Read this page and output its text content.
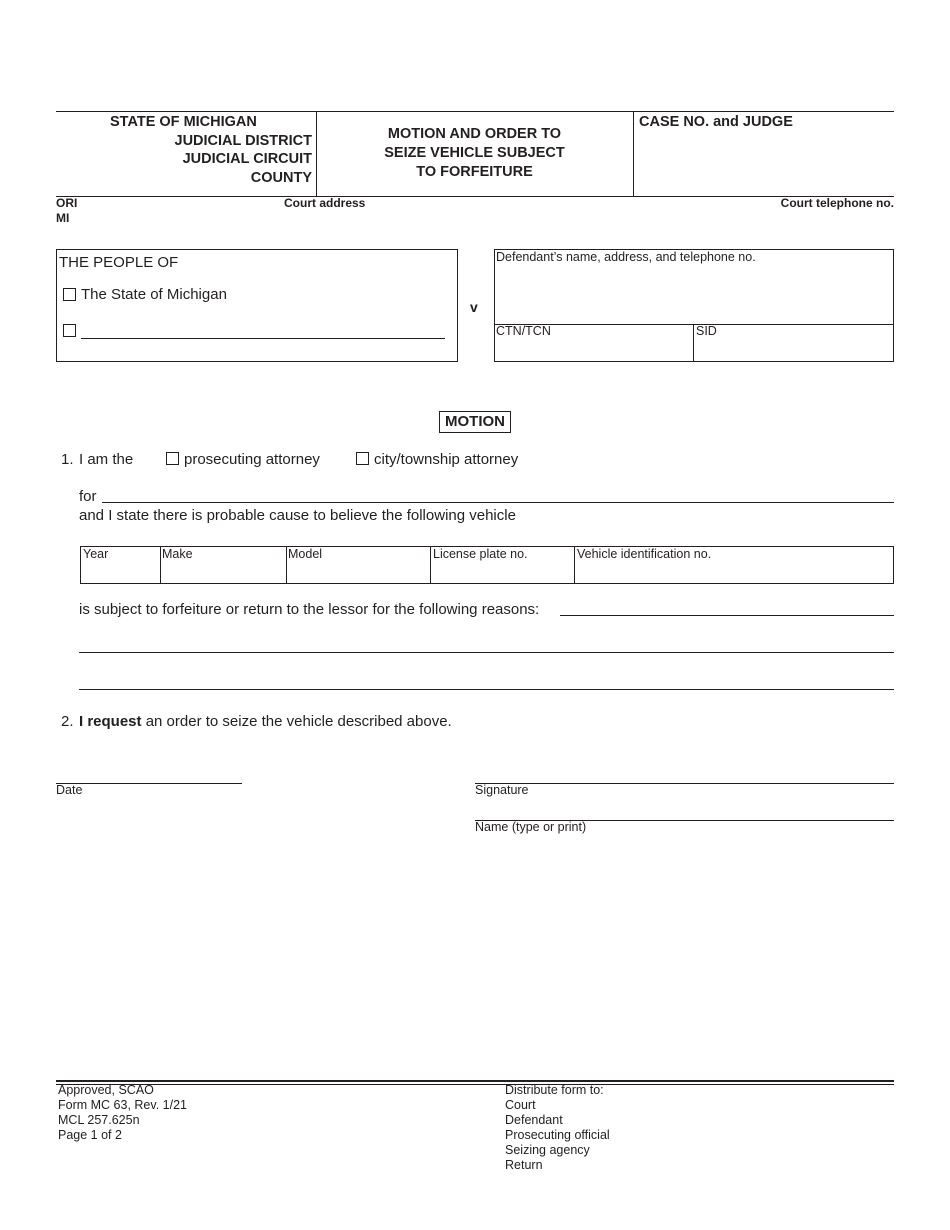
STATE OF MICHIGAN
JUDICIAL DISTRICT
JUDICIAL CIRCUIT
COUNTY
MOTION AND ORDER TO
SEIZE VEHICLE SUBJECT
TO FORFEITURE
CASE NO. and JUDGE
ORI
MI
Court address	Court telephone no.
THE PEOPLE OF
The State of Michigan
v
Defendant’s name, address, and telephone no.
CTN/TCN	SID
MOTION
1. I am the	prosecuting attorney	city/township attorney
for
and I state there is probable cause to believe the following vehicle
Year	Make	Model	License plate no.	Vehicle identification no.
is subject to forfeiture or return to the lessor for the following reasons:
2. I request an order to seize the vehicle described above.
Date	Signature
Name (type or print)
Approved, SCAO
Form MC 63, Rev. 1/21
MCL 257.625n
Page 1 of 2
Distribute form to:
Court
Defendant
Prosecuting official
Seizing agency
Return
